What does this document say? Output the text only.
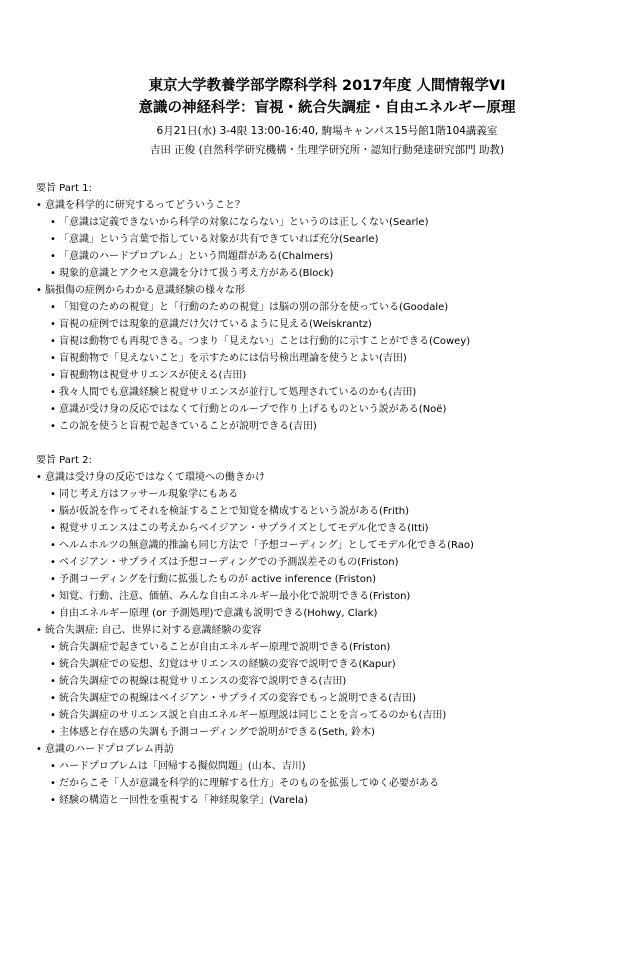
東京大学教養学部学際科学科 2017年度 人間情報学VI
意識の神経科学：盲視・統合失調症・自由エネルギー原理
6月21日(水) 3-4限 13:00-16:40, 駒場キャンパス15号館1階104講義室
吉田 正俊 (自然科学研究機構・生理学研究所・認知行動発達研究部門 助教)
要旨 Part 1:
• 意識を科学的に研究するってどういうこと？
• 「意識は定義できないから科学の対象にならない」というのは正しくない(Searle)
• 「意識」という言葉で指している対象が共有できていれば充分(Searle)
• 「意識のハードプロブレム」という問題群がある(Chalmers)
• 現象的意識とアクセス意識を分けて扱う考え方がある(Block)
• 脳損傷の症例からわかる意識経験の様々な形
• 「知覚のための視覚」と「行動のための視覚」は脳の別の部分を使っている(Goodale)
• 盲視の症例では現象的意識だけ欠けているように見える(Weiskrantz)
• 盲視は動物でも再現できる。つまり「見えない」ことは行動的に示すことができる(Cowey)
• 盲視動物で「見えないこと」を示すためには信号検出理論を使うとよい(吉田)
• 盲視動物は視覚サリエンスが使える(吉田)
• 我々人間でも意識経験と視覚サリエンスが並行して処理されているのかも(吉田)
• 意識が受け身の反応ではなくて行動とのループで作り上げるものという説がある(Noë)
• この説を使うと盲視で起きていることが説明できる(吉田)
要旨 Part 2:
• 意識は受け身の反応ではなくて環境への働きかけ
• 同じ考え方はフッサール現象学にもある
• 脳が仮説を作ってそれを検証することで知覚を構成するという説がある(Frith)
• 視覚サリエンスはこの考えからベイジアン・サプライズとしてモデル化できる(Itti)
• ヘルムホルツの無意識的推論も同じ方法で「予想コーディング」としてモデル化できる(Rao)
• ベイジアン・サプライズは予想コーディングでの予測誤差そのもの(Friston)
• 予測コーディングを行動に拡張したものが active inference (Friston)
• 知覚、行動、注意、価値、みんな自由エネルギー最小化で説明できる(Friston)
• 自由エネルギー原理 (or 予測処理)で意識も説明できる(Hohwy, Clark)
• 統合失調症: 自己、世界に対する意識経験の変容
• 統合失調症で起きていることが自由エネルギー原理で説明できる(Friston)
• 統合失調症での妄想、幻覚はサリエンスの経験の変容で説明できる(Kapur)
• 統合失調症での視線は視覚サリエンスの変容で説明できる(吉田)
• 統合失調症での視線はベイジアン・サプライズの変容でもっと説明できる(吉田)
• 統合失調症のサリエンス説と自由エネルギー原理説は同じことを言ってるのかも(吉田)
• 主体感と存在感の失調も予測コーディングで説明ができる(Seth, 鈴木)
• 意識のハードプロブレム再訪
• ハードプロブレムは「回帰する擬似問題」(山本、吉川)
• だからこそ「人が意識を科学的に理解する仕方」そのものを拡張してゆく必要がある
• 経験の構造と一回性を重視する「神経現象学」(Varela)
